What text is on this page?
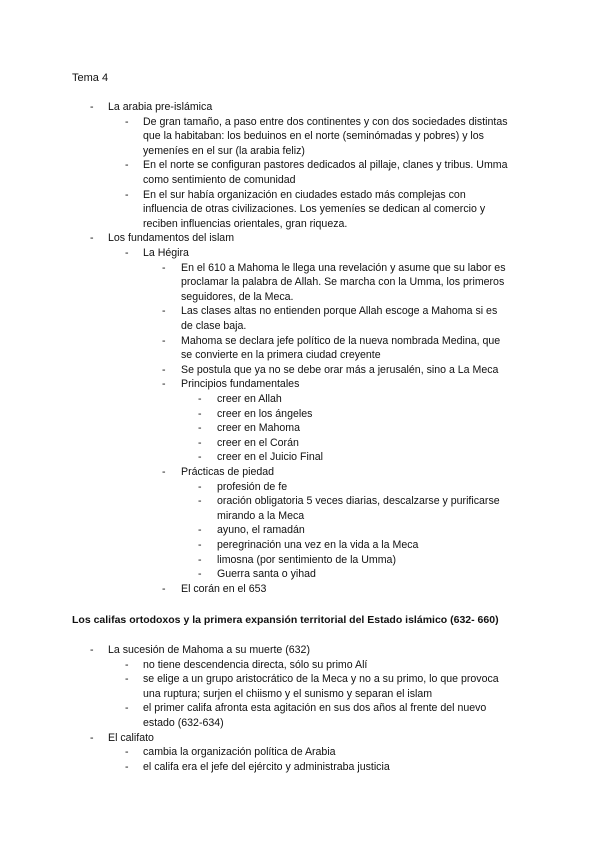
Tema 4
- La arabia pre-islámica
- De gran tamaño, a paso entre dos continentes y con dos sociedades distintas
que la habitaban: los beduinos en el norte (seminómadas y pobres) y los
yemeníes en el sur (la arabia feliz)
- En el norte se configuran pastores dedicados al pillaje, clanes y tribus. Umma
como sentimiento de comunidad
- En el sur había organización en ciudades estado más complejas con
influencia de otras civilizaciones. Los yemeníes se dedican al comercio y
reciben influencias orientales, gran riqueza.
- Los fundamentos del islam
- La Hégira
- En el 610 a Mahoma le llega una revelación y asume que su labor es
proclamar la palabra de Allah. Se marcha con la Umma, los primeros
seguidores, de la Meca.
- Las clases altas no entienden porque Allah escoge a Mahoma si es
de clase baja.
- Mahoma se declara jefe político de la nueva nombrada Medina, que
se convierte en la primera ciudad creyente
- Se postula que ya no se debe orar más a jerusalén, sino a La Meca
- Principios fundamentales
- creer en Allah
- creer en los ángeles
- creer en Mahoma
- creer en el Corán
- creer en el Juicio Final
- Prácticas de piedad
- profesión de fe
- oración obligatoria 5 veces diarias, descalzarse y purificarse
mirando a la Meca
- ayuno, el ramadán
- peregrinación una vez en la vida a la Meca
- limosna (por sentimiento de la Umma)
- Guerra santa o yihad
- El corán en el 653
Los califas ortodoxos y la primera expansión territorial del Estado islámico (632- 660)
- La sucesión de Mahoma a su muerte (632)
- no tiene descendencia directa, sólo su primo Alí
- se elige a un grupo aristocrático de la Meca y no a su primo, lo que provoca
una ruptura; surjen el chiismo y el sunismo y separan el islam
- el primer califa afronta esta agitación en sus dos años al frente del nuevo
estado (632-634)
- El califato
- cambia la organización política de Arabia
- el califa era el jefe del ejército y administraba justicia
